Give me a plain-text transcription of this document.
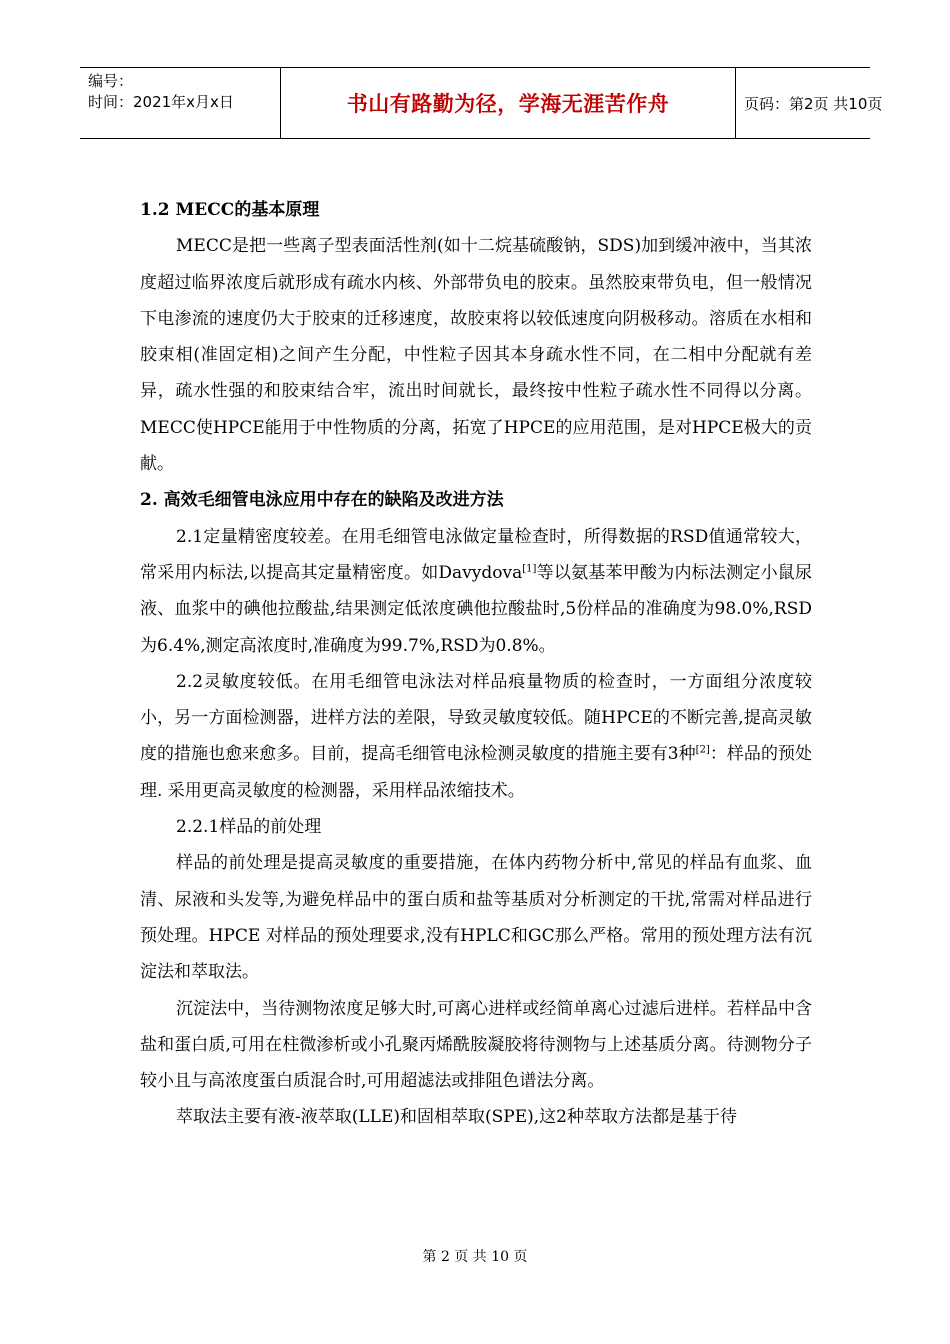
编号：
时间：2021年x月x日	书山有路勤为径，学海无涯苦作舟	页码：第2页 共10页

1.2 MECC的基本原理

MECC是把一些离子型表面活性剂(如十二烷基硫酸钠，SDS)加到缓冲液中，当其浓度超过临界浓度后就形成有疏水内核、外部带负电的胶束。虽然胶束带负电，但一般情况下电渗流的速度仍大于胶束的迁移速度，故胶束将以较低速度向阴极移动。溶质在水相和胶束相(准固定相)之间产生分配，中性粒子因其本身疏水性不同，在二相中分配就有差异，疏水性强的和胶束结合牢，流出时间就长，最终按中性粒子疏水性不同得以分离。MECC使HPCE能用于中性物质的分离，拓宽了HPCE的应用范围，是对HPCE极大的贡献。

2. 高效毛细管电泳应用中存在的缺陷及改进方法

2.1定量精密度较差。在用毛细管电泳做定量检查时，所得数据的RSD值通常较大，常采用内标法,以提高其定量精密度。如Davydova[1]等以氨基苯甲酸为内标法测定小鼠尿液、血浆中的碘他拉酸盐,结果测定低浓度碘他拉酸盐时,5份样品的准确度为98.0%,RSD为6.4%,测定高浓度时,准确度为99.7%,RSD为0.8%。

2.2灵敏度较低。在用毛细管电泳法对样品痕量物质的检查时，一方面组分浓度较小，另一方面检测器，进样方法的差限，导致灵敏度较低。随HPCE的不断完善,提高灵敏度的措施也愈来愈多。目前，提高毛细管电泳检测灵敏度的措施主要有3种[2]：样品的预处理. 采用更高灵敏度的检测器，采用样品浓缩技术。

2.2.1样品的前处理

样品的前处理是提高灵敏度的重要措施，在体内药物分析中,常见的样品有血浆、血清、尿液和头发等,为避免样品中的蛋白质和盐等基质对分析测定的干扰,常需对样品进行预处理。HPCE 对样品的预处理要求,没有HPLC和GC那么严格。常用的预处理方法有沉淀法和萃取法。

沉淀法中，当待测物浓度足够大时,可离心进样或经简单离心过滤后进样。若样品中含盐和蛋白质,可用在柱微渗析或小孔聚丙烯酰胺凝胶将待测物与上述基质分离。待测物分子较小且与高浓度蛋白质混合时,可用超滤法或排阻色谱法分离。

萃取法主要有液-液萃取(LLE)和固相萃取(SPE),这2种萃取方法都是基于待

第 2 页 共 10 页
